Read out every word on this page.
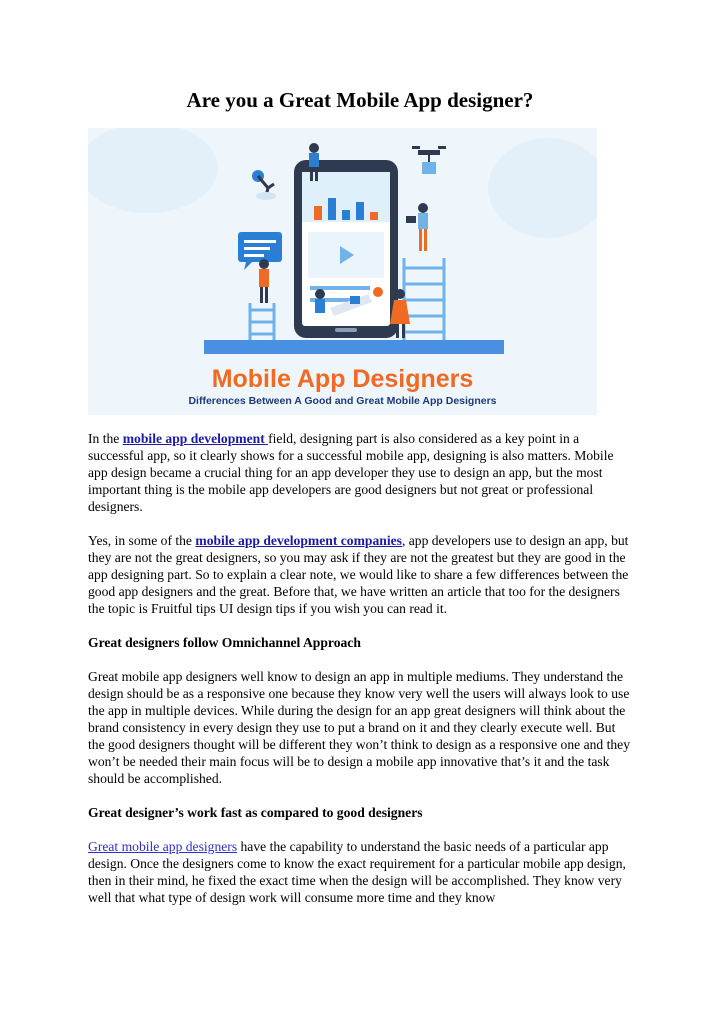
Are you a Great Mobile App designer?
Mobile App Designers
Differences Between A Good and Great Mobile App Designers

In the mobile app development field, designing part is also considered as a key point in a successful app, so it clearly shows for a successful mobile app, designing is also matters. Mobile app design became a crucial thing for an app developer they use to design an app, but the most important thing is the mobile app developers are good designers but not great or professional designers.

Yes, in some of the mobile app development companies, app developers use to design an app, but they are not the great designers, so you may ask if they are not the greatest but they are good in the app designing part. So to explain a clear note, we would like to share a few differences between the good app designers and the great. Before that, we have written an article that too for the designers the topic is Fruitful tips UI design tips if you wish you can read it.

Great designers follow Omnichannel Approach

Great mobile app designers well know to design an app in multiple mediums. They understand the design should be as a responsive one because they know very well the users will always look to use the app in multiple devices. While during the design for an app great designers will think about the brand consistency in every design they use to put a brand on it and they clearly execute well. But the good designers thought will be different they won’t think to design as a responsive one and they won’t be needed their main focus will be to design a mobile app innovative that’s it and the task should be accomplished.

Great designer’s work fast as compared to good designers

Great mobile app designers have the capability to understand the basic needs of a particular app design. Once the designers come to know the exact requirement for a particular mobile app design, then in their mind, he fixed the exact time when the design will be accomplished. They know very well that what type of design work will consume more time and they know
